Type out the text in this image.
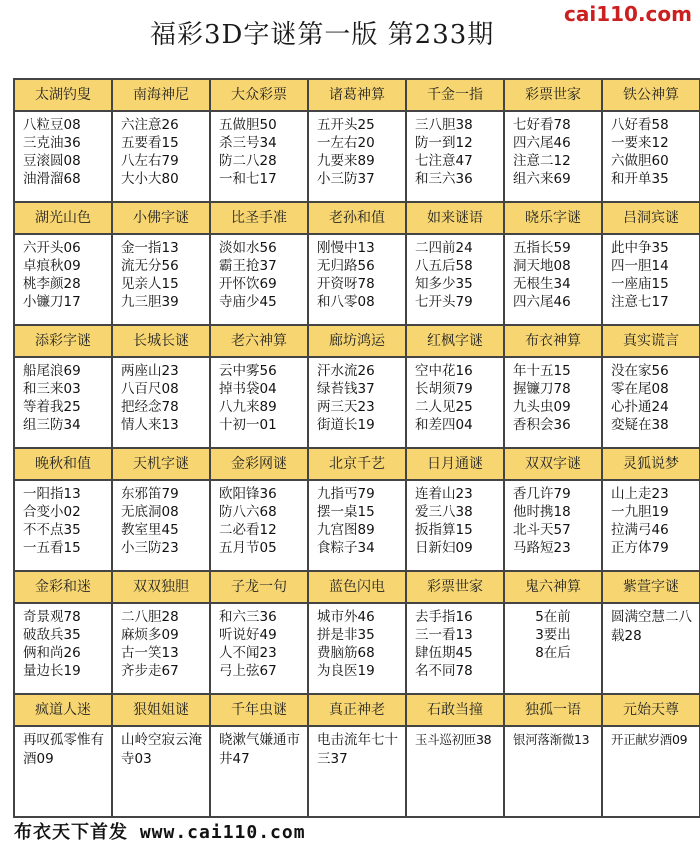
福彩3D字谜第一版 第233期
cai110.com
太湖钓叟
八粒豆08
三克油36
豆滚圆08
油滑溜68
南海神尼
六注意26
五要看15
八左右79
大小大80
大众彩票
五做胆50
杀三号34
防二八28
一和七17
诸葛神算
五开头25
一左右20
九要来89
小三防37
千金一指
三八胆38
防一到12
七注意47
和三六36
彩票世家
七好看78
四六尾46
注意二12
组六来69
铁公神算
八好看58
一要来12
六做胆60
和开单35
湖光山色
六开头06
卓痕秋09
桃李颜28
小镰刀17
小佛字谜
金一指13
流无分56
见亲人15
九三胆39
比圣手准
淡如水56
霸王抢37
开怀饮69
寺庙少45
老孙和值
刚慢中13
无归路56
开资呀78
和八零08
如来谜语
二四前24
八五后58
知多少35
七开头79
晓乐字谜
五指长59
洞天地08
无根生34
四六尾46
吕洞宾谜
此中争35
四一胆14
一座庙15
注意七17
添彩字谜
船尾浪69
和三来03
等着我25
组三防34
长城长谜
两座山23
八百尺08
把经念78
情人来13
老六神算
云中雾56
掉书袋04
八九来89
十初一01
廊坊鸿运
汗水流26
绿苔钱37
两三天23
街道长19
红枫字谜
空中花16
长胡须79
二人见25
和差四04
布衣神算
年十五15
握镰刀78
九头虫09
香积会36
真实谎言
没在家56
零在尾08
心扑通24
変疑在38
晚秋和值
一阳指13
合变小02
不不点35
一五看15
天机字谜
东邪笛79
无底洞08
教室里45
小三防23
金彩网谜
欧阳锋36
防八六68
二必看12
五月节05
北京千艺
九指丐79
摆一桌15
九宫图89
食粽子34
日月通谜
连着山23
爱三八38
扳指算15
日新妇09
双双字谜
香几许79
他时携18
北斗天57
马路短23
灵狐说梦
山上走23
一九胆19
拉满弓46
正方体79
金彩和迷
奇景观78
破敌兵35
俩和尚26
量边长19
双双独胆
二八胆28
麻烦多09
古一笑13
齐步走67
子龙一句
和六三36
听说好49
人不闻23
弓上弦67
蓝色闪电
城市外46
拼是非35
费脑筋68
为良医19
彩票世家
去手指16
三一看13
肆伍期45
名不同78
鬼六神算
5在前
3要出
8在后
紫萱字谜
圆满空慧二八载28
疯道人迷
再叹孤零惟有酒09
狠姐姐谜
山岭空寂云淹寺03
千年虫谜
晓漱气嫌通市井47
真正神老
电击流年七十三37
石敢当撞
玉斗巡初匝38
独孤一语
银河落渐微13
元始天尊
开正献岁酒09
布衣天下首发 www.cai110.com
